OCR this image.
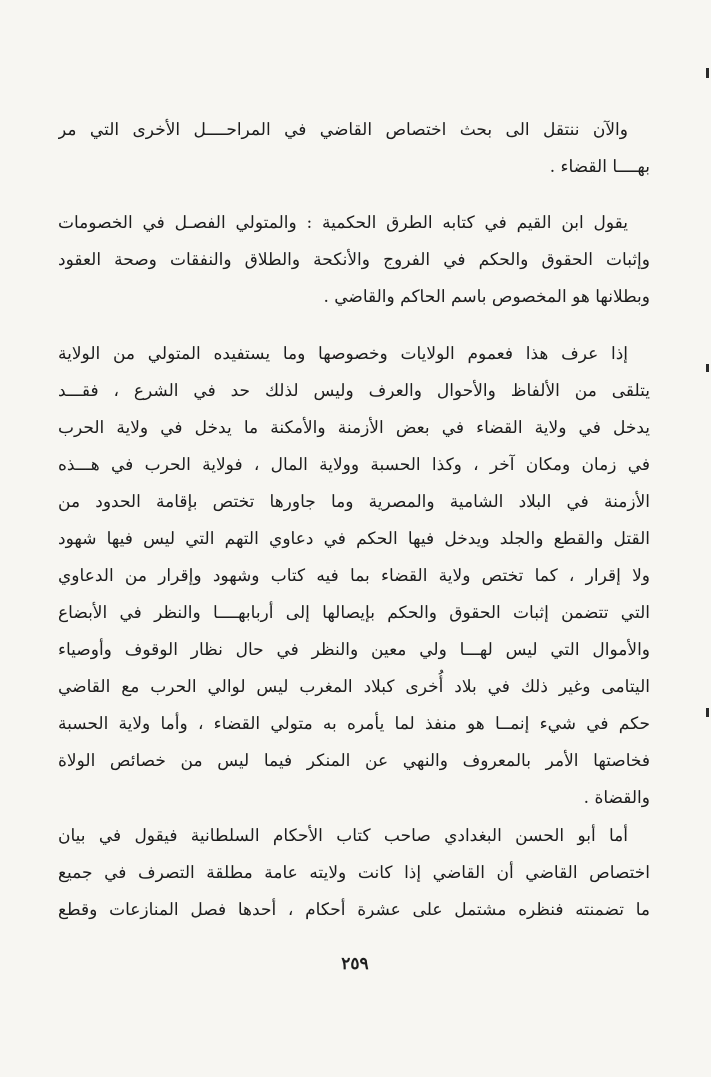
والآن ننتقل الى بحث اختصاص القاضي في المراحــــل الأخرى التي مر
بهــــا القضاء .
يقول ابن القيم في كتابه الطرق الحكمية : والمتولي الفصـل في الخصومات
وإثبات الحقوق والحكم في الفروج والأنكحة والطلاق والنفقات وصحة العقود
وبطلانها هو المخصوص باسم الحاكم والقاضي .
إذا عرف هذا فعموم الولايات وخصوصها وما يستفيده المتولي من الولاية
يتلقى من الألفاظ والأحوال والعرف وليس لذلك حد في الشرع ، فقـــد
يدخل في ولاية القضاء في بعض الأزمنة والأمكنة ما يدخل في ولاية الحرب
في زمان ومكان آخر ، وكذا الحسبة وولاية المال ، فولاية الحرب في هـــذه
الأزمنة في البلاد الشامية والمصرية وما جاورها تختص بإقامة الحدود من
القتل والقطع والجلد ويدخل فيها الحكم في دعاوي التهم التي ليس فيها شهود
ولا إقرار ، كما تختص ولاية القضاء بما فيه كتاب وشهود وإقرار من الدعاوي
التي تتضمن إثبات الحقوق والحكم بإيصالها إلى أربابهــــا والنظر في الأبضاع
والأموال التي ليس لهـــا ولي معين والنظر في حال نظار الوقوف وأوصياء
اليتامى وغير ذلك في بلاد أُخرى كبلاد المغرب ليس لوالي الحرب مع القاضي
حكم في شيء إنمــا هو منفذ لما يأمره به متولي القضاء ، وأما ولاية الحسبة
فخاصتها الأمر بالمعروف والنهي عن المنكر فيما ليس من خصائص الولاة
والقضاة .
أما أبو الحسن البغدادي صاحب كتاب الأحكام السلطانية فيقول في بيان
اختصاص القاضي أن القاضي إذا كانت ولايته عامة مطلقة التصرف في جميع
ما تضمنته فنظره مشتمل على عشرة أحكام ، أحدها فصل المنازعات وقطع
٢٥٩
